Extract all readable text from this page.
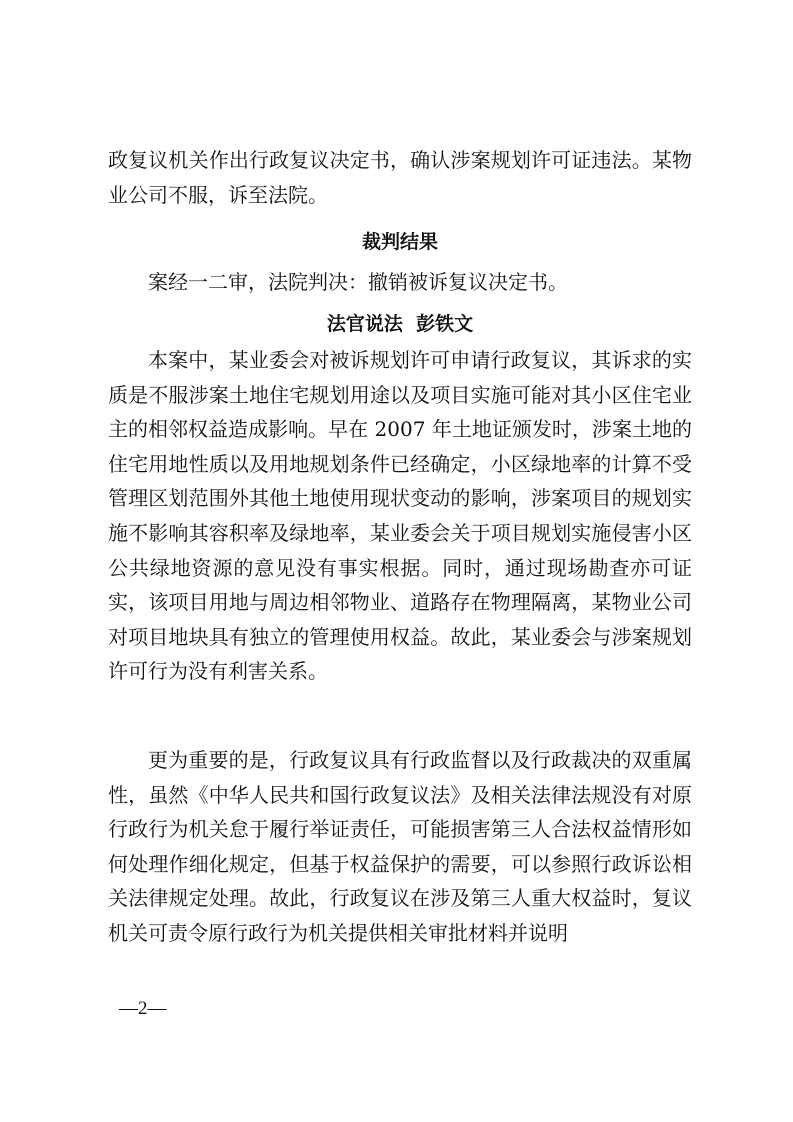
政复议机关作出行政复议决定书，确认涉案规划许可证违法。某物业公司不服，诉至法院。
裁判结果
案经一二审，法院判决：撤销被诉复议决定书。
法官说法  彭铁文
本案中，某业委会对被诉规划许可申请行政复议，其诉求的实质是不服涉案土地住宅规划用途以及项目实施可能对其小区住宅业主的相邻权益造成影响。早在 2007 年土地证颁发时，涉案土地的住宅用地性质以及用地规划条件已经确定，小区绿地率的计算不受管理区划范围外其他土地使用现状变动的影响，涉案项目的规划实施不影响其容积率及绿地率，某业委会关于项目规划实施侵害小区公共绿地资源的意见没有事实根据。同时，通过现场勘查亦可证实，该项目用地与周边相邻物业、道路存在物理隔离，某物业公司对项目地块具有独立的管理使用权益。故此，某业委会与涉案规划许可行为没有利害关系。
更为重要的是，行政复议具有行政监督以及行政裁决的双重属性，虽然《中华人民共和国行政复议法》及相关法律法规没有对原行政行为机关怠于履行举证责任，可能损害第三人合法权益情形如何处理作细化规定，但基于权益保护的需要，可以参照行政诉讼相关法律规定处理。故此，行政复议在涉及第三人重大权益时，复议机关可责令原行政行为机关提供相关审批材料并说明
—2—
